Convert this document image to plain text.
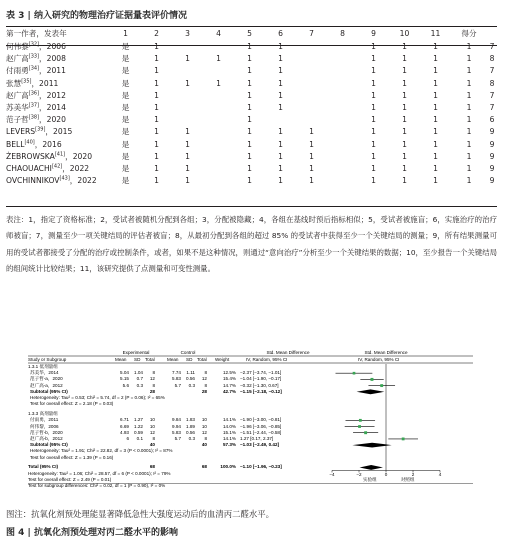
表 3 | 纳入研究的物理治疗证据量表评价情况
第一作者，发表年	1	2	3	4	5	6	7	8	9	10	11	得分	
何伟黎[32]，2006	是	1			1	1			1	1	1	1	7
赵广高[33]，2008	是	1	1	1	1	1			1	1	1	1	8
付雨勇[34]，2011	是	1			1	1			1	1	1	1	7
张慧[35]，2011	是	1	1	1	1	1			1	1	1	1	8
赵广高[36]，2012	是	1			1	1			1	1	1	1	7
苏美华[37]，2014	是	1			1	1			1	1	1	1	7
范子哲[38]，2020	是	1			1				1	1	1	1	6
LEVERS[39]，2015	是	1	1		1	1	1		1	1	1	1	9
BELL[40]，2016	是	1	1		1	1	1		1	1	1	1	9
ŻEBROWSKA[41]，2020	是	1	1		1	1	1		1	1	1	1	9
CHAOUACHI[42]，2022	是	1	1		1	1	1		1	1	1	1	9
OVCHINNIKOV[43]，2022	是	1	1		1	1	1		1	1	1	1	9
表注：1，指定了资格标准；2，受试者被随机分配到各组；3，分配被隐藏；4，各组在基线时预后指标相似；5，受试者被施盲；6，实施治疗的治疗师被盲；7，测量至少一项关键结局的评估者被盲；8，从最初分配到各组的超过 85% 的受试者中获得至少一个关键结局的测量；9，所有结果测量可用的受试者都接受了分配的治疗或控制条件，或者，如果不是这种情况，则通过“意向治疗”分析至少一个关键结果的数据；10，至少报告一个关键结局的组间统计比较结果；11，该研究提供了点测量和可变性测量。
Experimental	Control	Std. Mean Difference	Std. Mean Difference
Study or Subgroup	Mean SD Total	Mean SD Total Weight	IV, Random, 95% CI	IV, Random, 95% CI
1.3.1 低剂量组
苏美华，2014	5.04 1.04 8	7.74 1.11 8	12.5% −2.37 [−3.74, −1.01]
范子哲-a，2020	5.15 0.7 12	5.83 0.56 12	15.4% −1.04 [−1.90, −0.17]
赵广高-a，2012	5.6 0.3 8	5.7 0.3 8	14.7% −0.32 [−1.30, 0.67]
Subtotal (95% CI)	28	28	42.7% −1.15 [−2.18, −0.12]
Heterogeneity: Tau² = 0.53; Chi² = 5.74, df = 2 (P = 0.06); I² = 65%
Test for overall effect: Z = 2.18 (P = 0.03)
1.3.3 高剂量组
付雨勇，2011	6.71 1.27 10	9.84 1.83 10	14.1% −1.90 [−3.00, −0.81]
何伟黎，2006	6.69 1.22 10	9.94 1.89 10	14.0% −1.96 [−3.06, −0.85]
范子哲-b，2020	4.93 0.59 12	5.83 0.56 12	15.1% −1.51 [−2.44, −0.58]
赵广高-b，2012	6 0.1 8	5.7 0.3 8	14.1% 1.27 [0.17, 2.37]
Subtotal (95% CI)	40	40	57.3% −1.03 [−2.49, 0.42]
Heterogeneity: Tau² = 1.91; Chi² = 22.82, df = 3 (P < 0.0001); I² = 87%
Test for overall effect: Z = 1.39 (P = 0.16)
Total (95% CI)	68	68	100.0% −1.10 [−1.96, −0.23]
Heterogeneity: Tau² = 1.06; Chi² = 28.57, df = 6 (P < 0.0001); I² = 79%
Test for overall effect: Z = 2.49 (P = 0.01)
Test for subgroup differences: Chi² = 0.02, df = 1 (P = 0.90), I² = 0%
−4	−2	0	2	4
实验组	对照组
图注：抗氧化剂预处理能显著降低急性大强度运动后的血清丙二醛水平。
图 4 | 抗氧化剂预处理对丙二醛水平的影响
